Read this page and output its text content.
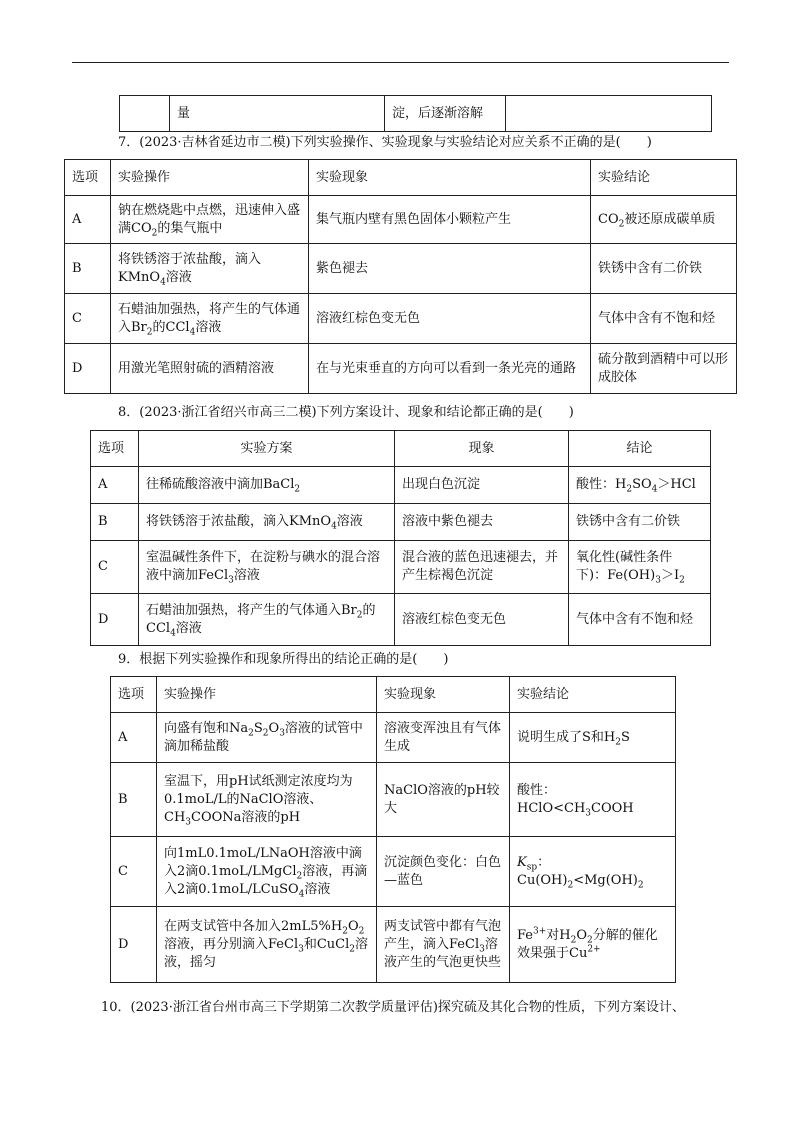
	量	淀，后逐渐溶解	
7．(2023·吉林省延边市二模)下列实验操作、实验现象与实验结论对应关系不正确的是(　　)
选项	实验操作	实验现象	实验结论
A	钠在燃烧匙中点燃，迅速伸入盛满$CO_2$的集气瓶中	集气瓶内壁有黑色固体小颗粒产生	$CO_2$被还原成碳单质
B	将铁锈溶于浓盐酸，滴入KMnO$_4$溶液	紫色褪去	铁锈中含有二价铁
C	石蜡油加强热，将产生的气体通入$Br_2$的CCl$_4$溶液	溶液红棕色变无色	气体中含有不饱和烃
D	用激光笔照射硫的酒精溶液	在与光束垂直的方向可以看到一条光亮的通路	硫分散到酒精中可以形成胶体
8．(2023·浙江省绍兴市高三二模)下列方案设计、现象和结论都正确的是(　　)
选项	实验方案	现象	结论
A	往稀硫酸溶液中滴加BaCl$_2$	出现白色沉淀	酸性：$H_2SO_4>HCl$
B	将铁锈溶于浓盐酸，滴入KMnO$_4$溶液	溶液中紫色褪去	铁锈中含有二价铁
C	室温碱性条件下，在淀粉与碘水的混合溶液中滴加FeCl$_3$溶液	混合液的蓝色迅速褪去，并产生棕褐色沉淀	氧化性(碱性条件下)：$Fe(OH)_3>I_2$
D	石蜡油加强热，将产生的气体通入$Br_2$的CCl$_4$溶液	溶液红棕色变无色	气体中含有不饱和烃
9．根据下列实验操作和现象所得出的结论正确的是(　　)
选项	实验操作	实验现象	实验结论
A	向盛有饱和$Na_2S_2O_3$溶液的试管中滴加稀盐酸	溶液变浑浊且有气体生成	说明生成了S和$H_2S$
B	室温下，用pH试纸测定浓度均为0.1moL/L的NaClO溶液、$CH_3COONa$溶液的pH	NaClO溶液的pH较大	酸性：
$HClO<CH_3COOH$
C	向1mL0.1moL/LNaOH溶液中滴入2滴0.1moL/LMgCl$_2$溶液，再滴入2滴0.1moL/LCuSO$_4$溶液	沉淀颜色变化：白色—蓝色	$K_{sp}$：$Cu(OH)_2<Mg(OH)_2$
D	在两支试管中各加入$2mL5\%H_2O_2$溶液，再分别滴入FeCl$_3$和CuCl$_2$溶液，摇匀	两支试管中都有气泡产生，滴入FeCl$_3$溶液产生的气泡更快些	$Fe^{3+}$对$H_2O_2$分解的催化效果强于$Cu^{2+}$
10．(2023·浙江省台州市高三下学期第二次教学质量评估)探究硫及其化合物的性质，下列方案设计、
